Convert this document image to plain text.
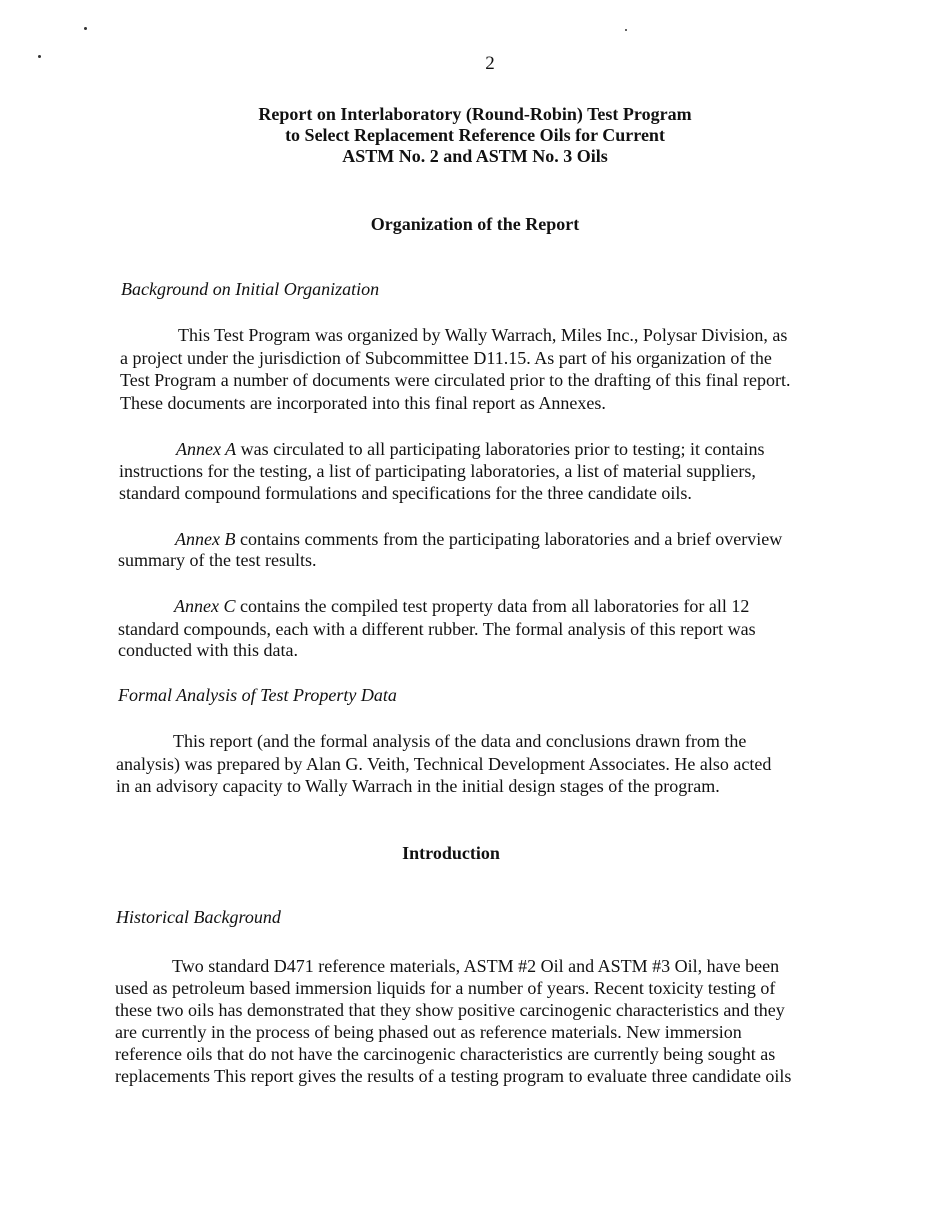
2
Report on Interlaboratory (Round-Robin) Test Program
to Select Replacement Reference Oils for Current
ASTM No. 2 and ASTM No. 3 Oils
Organization of the Report
Background on Initial Organization
This Test Program was organized by Wally Warrach, Miles Inc., Polysar Division, as
a project under the jurisdiction of Subcommittee D11.15. As part of his organization of the
Test Program a number of documents were circulated prior to the drafting of this final report.
These documents are incorporated into this final report as Annexes.
Annex A was circulated to all participating laboratories prior to testing; it contains
instructions for the testing, a list of participating laboratories, a list of material suppliers,
standard compound formulations and specifications for the three candidate oils.
Annex B contains comments from the participating laboratories and a brief overview
summary of the test results.
Annex C contains the compiled test property data from all laboratories for all 12
standard compounds, each with a different rubber. The formal analysis of this report was
conducted with this data.
Formal Analysis of Test Property Data
This report (and the formal analysis of the data and conclusions drawn from the
analysis) was prepared by Alan G. Veith, Technical Development Associates. He also acted
in an advisory capacity to Wally Warrach in the initial design stages of the program.
Introduction
Historical Background
Two standard D471 reference materials, ASTM #2 Oil and ASTM #3 Oil, have been
used as petroleum based immersion liquids for a number of years. Recent toxicity testing of
these two oils has demonstrated that they show positive carcinogenic characteristics and they
are currently in the process of being phased out as reference materials. New immersion
reference oils that do not have the carcinogenic characteristics are currently being sought as
replacements This report gives the results of a testing program to evaluate three candidate oils
